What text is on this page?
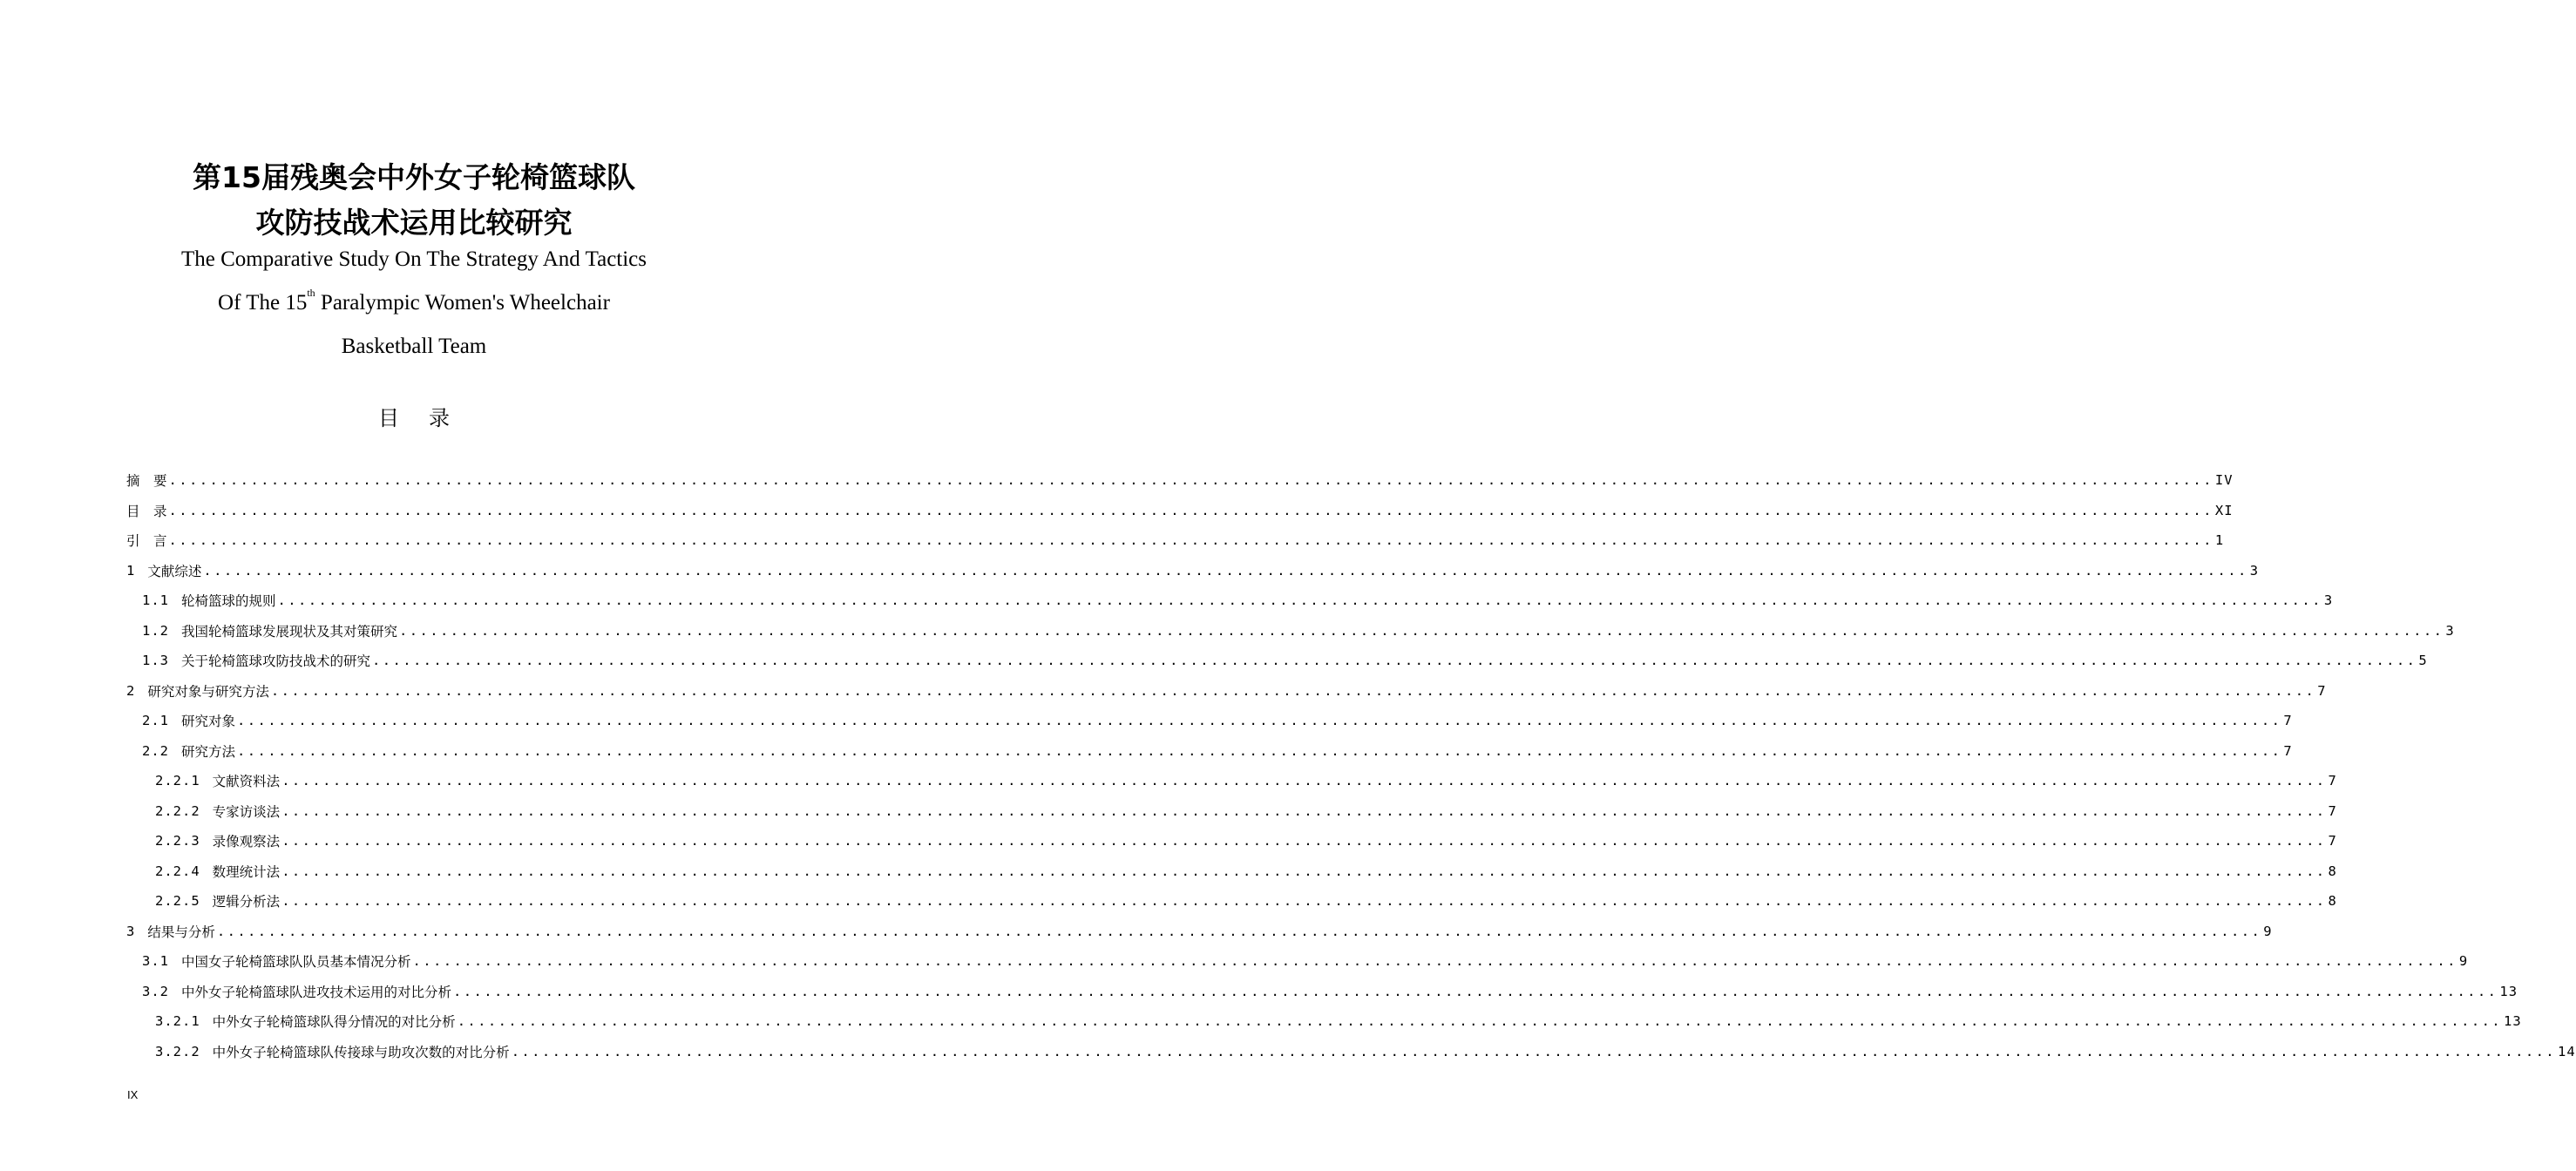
第15届残奥会中外女子轮椅篮球队
攻防技战术运用比较研究
The Comparative Study On The Strategy And Tactics
Of The 15th Paralympic Women's Wheelchair
Basketball Team
目 录
摘　要 ........................................................................................................................................................................................................ IV
目　录 ........................................................................................................................................................................................................ XI
引　言 ........................................................................................................................................................................................................ 1
1 文献综述 ........................................................................................................................................................................................................ 3
1.1 轮椅篮球的规则 ........................................................................................................................................................................................................ 3
1.2 我国轮椅篮球发展现状及其对策研究 ........................................................................................................................................................................................................ 3
1.3 关于轮椅篮球攻防技战术的研究 ........................................................................................................................................................................................................ 5
2 研究对象与研究方法 ........................................................................................................................................................................................................ 7
2.1 研究对象 ........................................................................................................................................................................................................ 7
2.2 研究方法 ........................................................................................................................................................................................................ 7
2.2.1 文献资料法 ........................................................................................................................................................................................................ 7
2.2.2 专家访谈法 ........................................................................................................................................................................................................ 7
2.2.3 录像观察法 ........................................................................................................................................................................................................ 7
2.2.4 数理统计法 ........................................................................................................................................................................................................ 8
2.2.5 逻辑分析法 ........................................................................................................................................................................................................ 8
3 结果与分析 ........................................................................................................................................................................................................ 9
3.1 中国女子轮椅篮球队队员基本情况分析 ........................................................................................................................................................................................................ 9
3.2 中外女子轮椅篮球队进攻技术运用的对比分析 ........................................................................................................................................................................................................ 13
3.2.1 中外女子轮椅篮球队得分情况的对比分析 ........................................................................................................................................................................................................ 13
3.2.2 中外女子轮椅篮球队传接球与助攻次数的对比分析 ........................................................................................................................................................................................................ 14
IX
